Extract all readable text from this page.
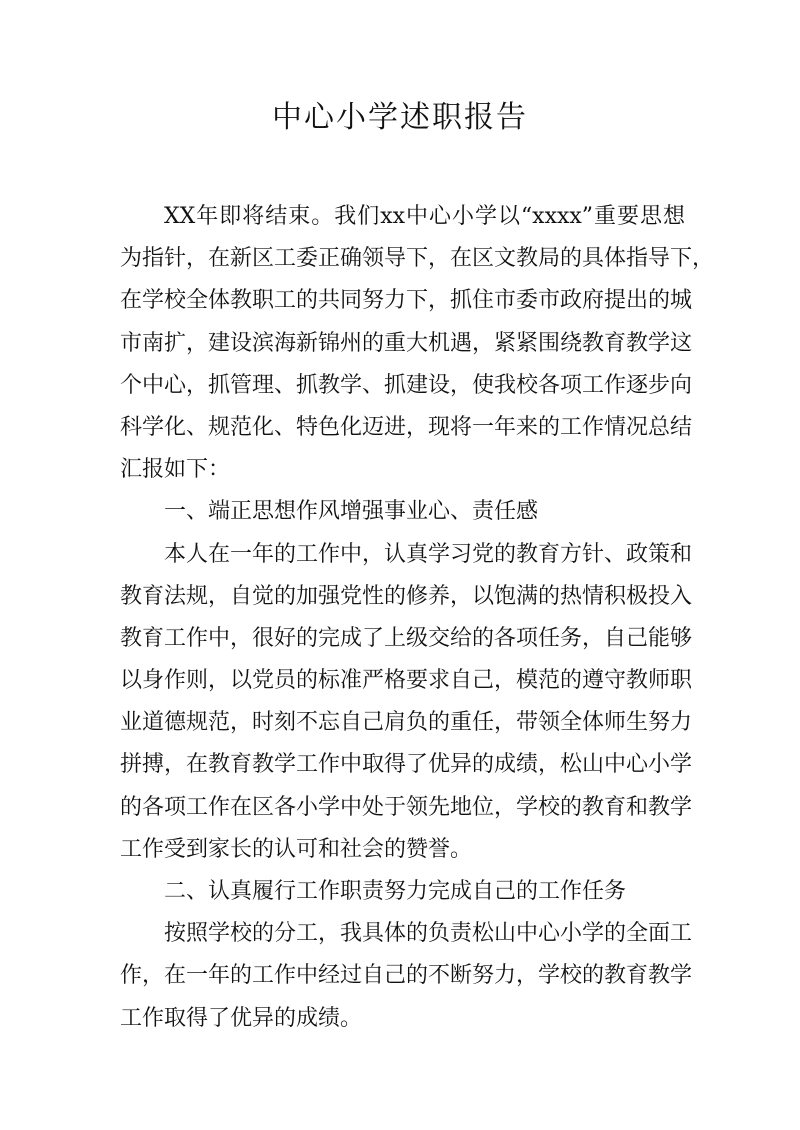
中心小学述职报告
XX年即将结束。我们xx中心小学以“xxxx”重要思想
为指针，在新区工委正确领导下，在区文教局的具体指导下，
在学校全体教职工的共同努力下，抓住市委市政府提出的城
市南扩，建设滨海新锦州的重大机遇，紧紧围绕教育教学这
个中心，抓管理、抓教学、抓建设，使我校各项工作逐步向
科学化、规范化、特色化迈进，现将一年来的工作情况总结
汇报如下：
一、端正思想作风增强事业心、责任感
本人在一年的工作中，认真学习党的教育方针、政策和
教育法规，自觉的加强党性的修养，以饱满的热情积极投入
教育工作中，很好的完成了上级交给的各项任务，自己能够
以身作则，以党员的标准严格要求自己，模范的遵守教师职
业道德规范，时刻不忘自己肩负的重任，带领全体师生努力
拼搏，在教育教学工作中取得了优异的成绩，松山中心小学
的各项工作在区各小学中处于领先地位，学校的教育和教学
工作受到家长的认可和社会的赞誉。
二、认真履行工作职责努力完成自己的工作任务
按照学校的分工，我具体的负责松山中心小学的全面工
作，在一年的工作中经过自己的不断努力，学校的教育教学
工作取得了优异的成绩。
